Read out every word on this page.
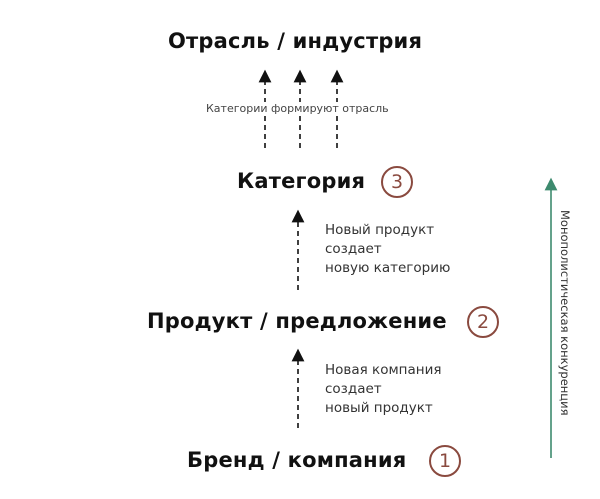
Отрасль / индустрия
Категории формируют отрасль
Категория	3
Новый продукт
создает
новую категорию
Продукт / предложение	2
Новая компания
создает
новый продукт
Бренд / компания	1
Монополистическая конкуренция
